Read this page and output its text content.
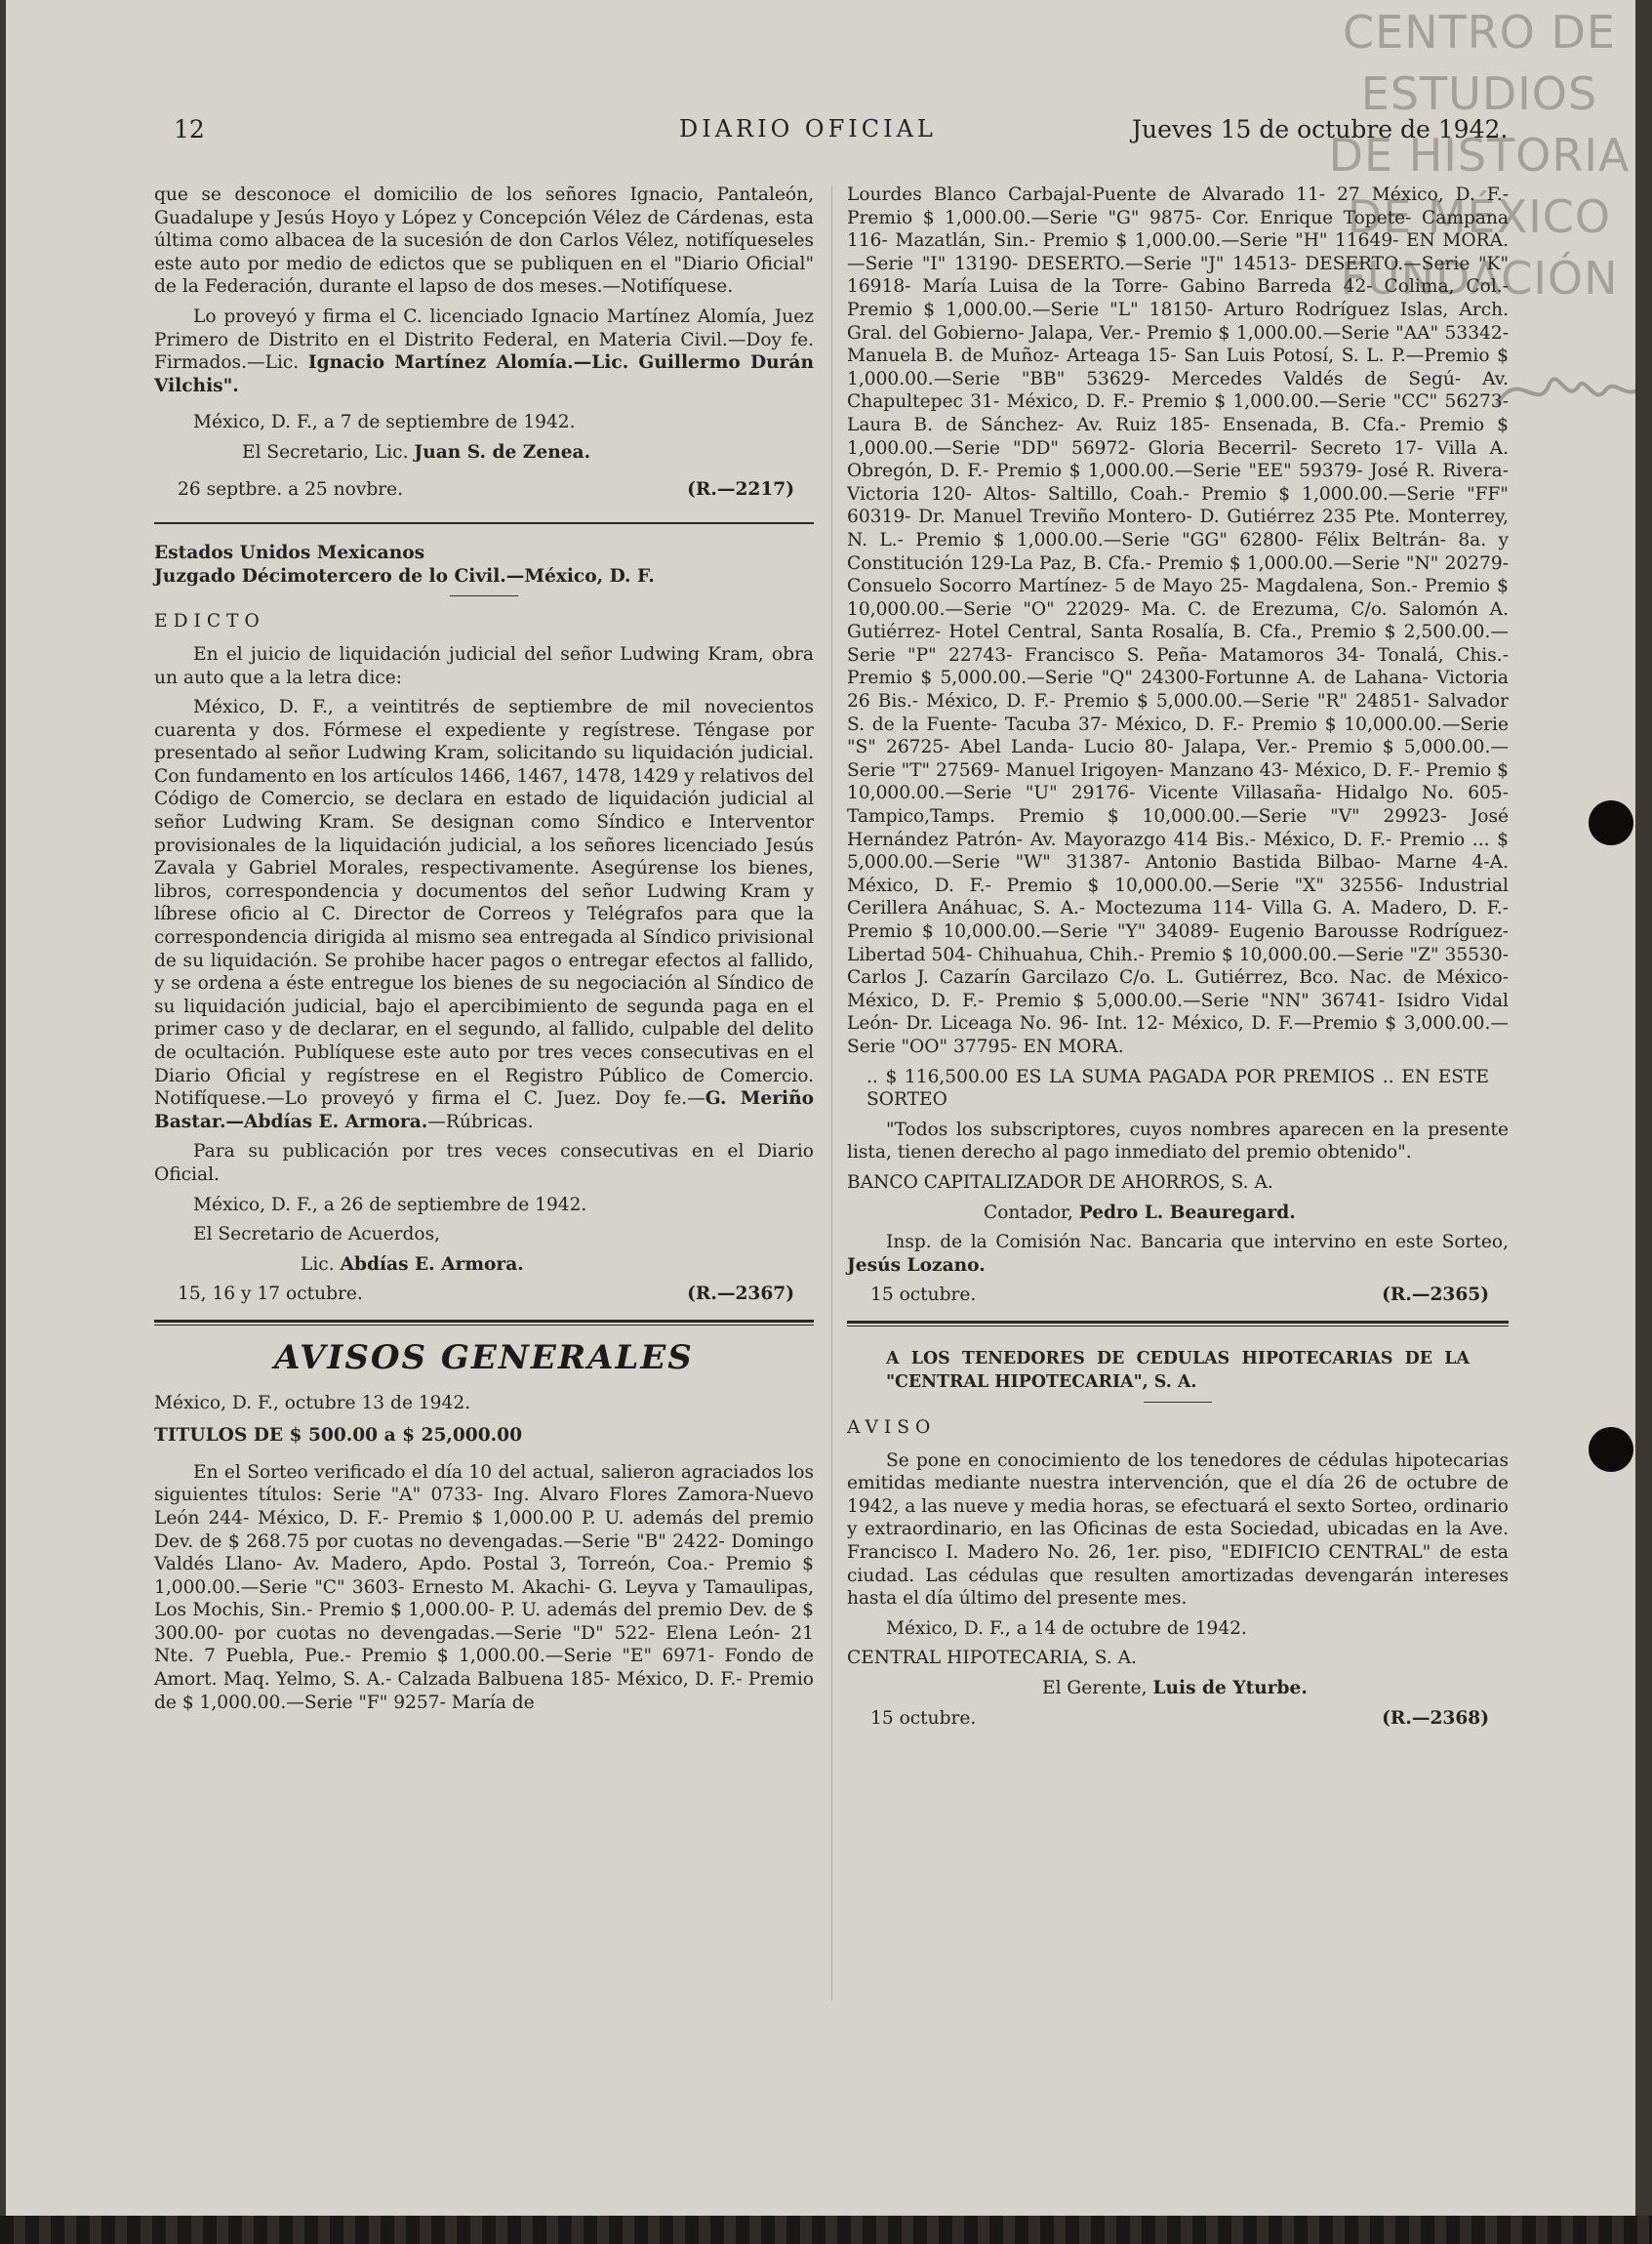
CENTRO DE
ESTUDIOS
DE HISTORIA
DE MÉXICO
FUNDACIÓN
12	DIARIO OFICIAL	Jueves 15 de octubre de 1942.

que se desconoce el domicilio de los señores Ignacio, Pantaleón, Guadalupe y Jesús Hoyo y López y Concepción Vélez de Cárdenas, esta última como albacea de la sucesión de don Carlos Vélez, notifíqueseles este auto por medio de edictos que se publiquen en el "Diario Oficial" de la Federación, durante el lapso de dos meses.—Notifíquese.

Lo proveyó y firma el C. licenciado Ignacio Martínez Alomía, Juez Primero de Distrito en el Distrito Federal, en Materia Civil.—Doy fe. Firmados.—Lic. Ignacio Martínez Alomía.—Lic. Guillermo Durán Vilchis".

México, D. F., a 7 de septiembre de 1942.

El Secretario, Lic. Juan S. de Zenea.

26 septbre. a 25 novbre.	(R.—2217)

Estados Unidos Mexicanos

Juzgado Décimotercero de lo Civil.—México, D. F.

EDICTO

En el juicio de liquidación judicial del señor Ludwing Kram, obra un auto que a la letra dice:

México, D. F., a veintitrés de septiembre de mil novecientos cuarenta y dos. Fórmese el expediente y regístrese. Téngase por presentado al señor Ludwing Kram, solicitando su liquidación judicial. Con fundamento en los artículos 1466, 1467, 1478, 1429 y relativos del Código de Comercio, se declara en estado de liquidación judicial al señor Ludwing Kram. Se designan como Síndico e Interventor provisionales de la liquidación judicial, a los señores licenciado Jesús Zavala y Gabriel Morales, respectivamente. Asegúrense los bienes, libros, correspondencia y documentos del señor Ludwing Kram y líbrese oficio al C. Director de Correos y Telégrafos para que la correspondencia dirigida al mismo sea entregada al Síndico privisional de su liquidación. Se prohibe hacer pagos o entregar efectos al fallido, y se ordena a éste entregue los bienes de su negociación al Síndico de su liquidación judicial, bajo el apercibimiento de segunda paga en el primer caso y de declarar, en el segundo, al fallido, culpable del delito de ocultación. Publíquese este auto por tres veces consecutivas en el Diario Oficial y regístrese en el Registro Público de Comercio. Notifíquese.—Lo proveyó y firma el C. Juez. Doy fe.—G. Meriño Bastar.—Abdías E. Armora.—Rúbricas.

Para su publicación por tres veces consecutivas en el Diario Oficial.

México, D. F., a 26 de septiembre de 1942.

El Secretario de Acuerdos,

Lic. Abdías E. Armora.

15, 16 y 17 octubre.	(R.—2367)
AVISOS GENERALES

México, D. F., octubre 13 de 1942.

TITULOS DE $ 500.00 a $ 25,000.00

En el Sorteo verificado el día 10 del actual, salieron agraciados los siguientes títulos: Serie "A" 0733- Ing. Alvaro Flores Zamora-Nuevo León 244- México, D. F.- Premio $ 1,000.00 P. U. además del premio Dev. de $ 268.75 por cuotas no devengadas.—Serie "B" 2422- Domingo Valdés Llano- Av. Madero, Apdo. Postal 3, Torreón, Coa.- Premio $ 1,000.00.—Serie "C" 3603- Ernesto M. Akachi- G. Leyva y Tamaulipas, Los Mochis, Sin.- Premio $ 1,000.00- P. U. además del premio Dev. de $ 300.00- por cuotas no devengadas.—Serie "D" 522- Elena León- 21 Nte. 7 Puebla, Pue.- Premio $ 1,000.00.—Serie "E" 6971- Fondo de Amort. Maq. Yelmo, S. A.- Calzada Balbuena 185- México, D. F.- Premio de $ 1,000.00.—Serie "F" 9257- María de

Lourdes Blanco Carbajal-Puente de Alvarado 11- 27 México, D. F.- Premio $ 1,000.00.—Serie "G" 9875- Cor. Enrique Topete- Campana 116- Mazatlán, Sin.- Premio $ 1,000.00.—Serie "H" 11649- EN MORA.—Serie "I" 13190- DESERTO.—Serie "J" 14513- DESERTO.—Serie "K" 16918- María Luisa de la Torre- Gabino Barreda 42- Colima, Col.- Premio $ 1,000.00.—Serie "L" 18150- Arturo Rodríguez Islas, Arch. Gral. del Gobierno- Jalapa, Ver.- Premio $ 1,000.00.—Serie "AA" 53342- Manuela B. de Muñoz- Arteaga 15- San Luis Potosí, S. L. P.—Premio $ 1,000.00.—Serie "BB" 53629- Mercedes Valdés de Segú- Av. Chapultepec 31- México, D. F.- Premio $ 1,000.00.—Serie "CC" 56273- Laura B. de Sánchez- Av. Ruiz 185- Ensenada, B. Cfa.- Premio $ 1,000.00.—Serie "DD" 56972- Gloria Becerril- Secreto 17- Villa A. Obregón, D. F.- Premio $ 1,000.00.—Serie "EE" 59379- José R. Rivera- Victoria 120- Altos- Saltillo, Coah.- Premio $ 1,000.00.—Serie "FF" 60319- Dr. Manuel Treviño Montero- D. Gutiérrez 235 Pte. Monterrey, N. L.- Premio $ 1,000.00.—Serie "GG" 62800- Félix Beltrán- 8a. y Constitución 129-La Paz, B. Cfa.- Premio $ 1,000.00.—Serie "N" 20279- Consuelo Socorro Martínez- 5 de Mayo 25- Magdalena, Son.- Premio $ 10,000.00.—Serie "O" 22029- Ma. C. de Erezuma, C/o. Salomón A. Gutiérrez- Hotel Central, Santa Rosalía, B. Cfa., Premio $ 2,500.00.—Serie "P" 22743- Francisco S. Peña- Matamoros 34- Tonalá, Chis.- Premio $ 5,000.00.—Serie "Q" 24300-Fortunne A. de Lahana- Victoria 26 Bis.- México, D. F.- Premio $ 5,000.00.—Serie "R" 24851- Salvador S. de la Fuente- Tacuba 37- México, D. F.- Premio $ 10,000.00.—Serie "S" 26725- Abel Landa- Lucio 80- Jalapa, Ver.- Premio $ 5,000.00.—Serie "T" 27569- Manuel Irigoyen- Manzano 43- México, D. F.- Premio $ 10,000.00.—Serie "U" 29176- Vicente Villasaña- Hidalgo No. 605- Tampico,Tamps. Premio $ 10,000.00.—Serie "V" 29923- José Hernández Patrón- Av. Mayorazgo 414 Bis.- México, D. F.- Premio ... $ 5,000.00.—Serie "W" 31387- Antonio Bastida Bilbao- Marne 4-A. México, D. F.- Premio $ 10,000.00.—Serie "X" 32556- Industrial Cerillera Anáhuac, S. A.- Moctezuma 114- Villa G. A. Madero, D. F.- Premio $ 10,000.00.—Serie "Y" 34089- Eugenio Barousse Rodríguez- Libertad 504- Chihuahua, Chih.- Premio $ 10,000.00.—Serie "Z" 35530- Carlos J. Cazarín Garcilazo C/o. L. Gutiérrez, Bco. Nac. de México- México, D. F.- Premio $ 5,000.00.—Serie "NN" 36741- Isidro Vidal León- Dr. Liceaga No. 96- Int. 12- México, D. F.—Premio $ 3,000.00.—Serie "OO" 37795- EN MORA.

.. $ 116,500.00 ES LA SUMA PAGADA POR PREMIOS .. EN ESTE SORTEO

"Todos los subscriptores, cuyos nombres aparecen en la presente lista, tienen derecho al pago inmediato del premio obtenido".

BANCO CAPITALIZADOR DE AHORROS, S. A.

Contador, Pedro L. Beauregard.

Insp. de la Comisión Nac. Bancaria que intervino en este Sorteo, Jesús Lozano.

15 octubre.	(R.—2365)

A LOS TENEDORES DE CEDULAS HIPOTECARIAS DE LA "CENTRAL HIPOTECARIA", S. A.

AVISO

Se pone en conocimiento de los tenedores de cédulas hipotecarias emitidas mediante nuestra intervención, que el día 26 de octubre de 1942, a las nueve y media horas, se efectuará el sexto Sorteo, ordinario y extraordinario, en las Oficinas de esta Sociedad, ubicadas en la Ave. Francisco I. Madero No. 26, 1er. piso, "EDIFICIO CENTRAL" de esta ciudad. Las cédulas que resulten amortizadas devengarán intereses hasta el día último del presente mes.

México, D. F., a 14 de octubre de 1942.

CENTRAL HIPOTECARIA, S. A.

El Gerente, Luis de Yturbe.

15 octubre.	(R.—2368)
